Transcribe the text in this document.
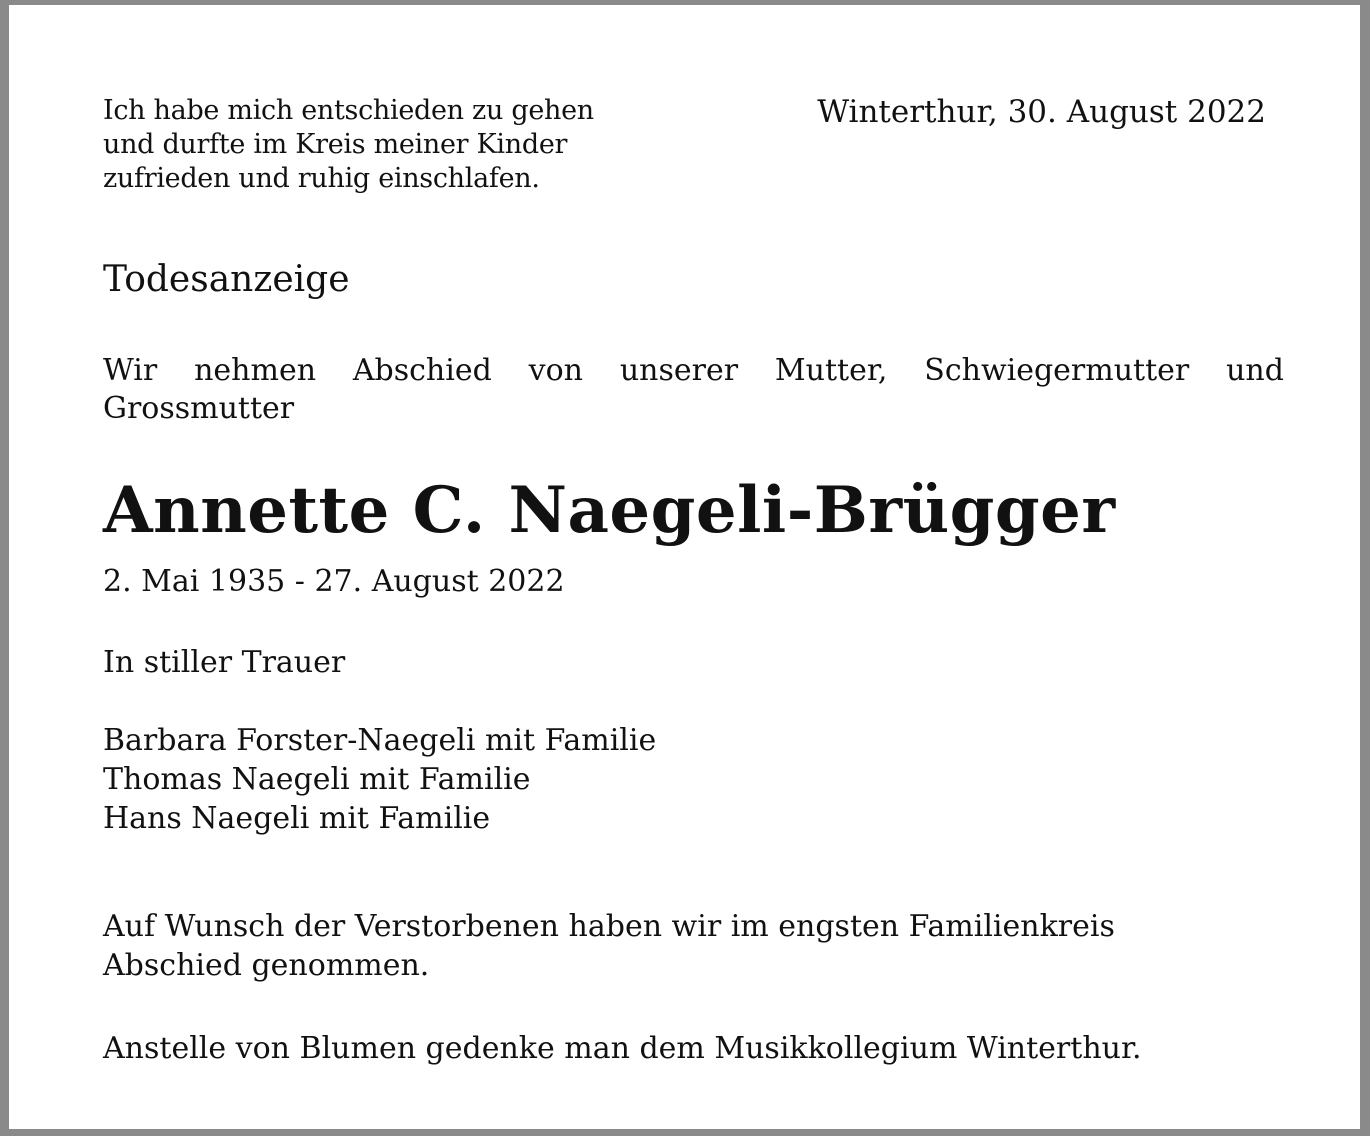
Ich habe mich entschieden zu gehen
und durfte im Kreis meiner Kinder
zufrieden und ruhig einschlafen.
Winterthur, 30. August 2022
Todesanzeige
Wir nehmen Abschied von unserer Mutter, Schwiegermutter und
Grossmutter
Annette C. Naegeli-Brügger
2. Mai 1935 - 27. August 2022
In stiller Trauer
Barbara Forster-Naegeli mit Familie
Thomas Naegeli mit Familie
Hans Naegeli mit Familie
Auf Wunsch der Verstorbenen haben wir im engsten Familienkreis
Abschied genommen.
Anstelle von Blumen gedenke man dem Musikkollegium Winterthur.
